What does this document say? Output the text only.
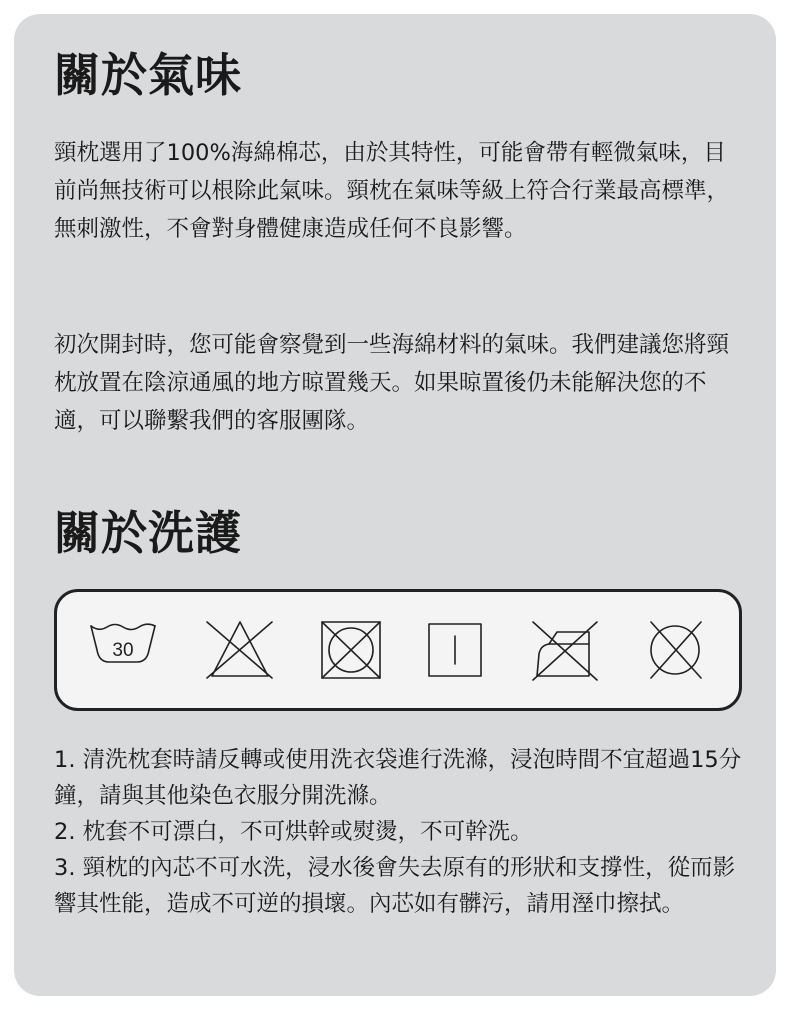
關於氣味

頸枕選用了100%海綿棉芯，由於其特性，可能會帶有輕微氣味，目前尚無技術可以根除此氣味。頸枕在氣味等級上符合行業最高標準，無刺激性，不會對身體健康造成任何不良影響。

初次開封時，您可能會察覺到一些海綿材料的氣味。我們建議您將頸枕放置在陰涼通風的地方晾置幾天。如果晾置後仍未能解決您的不適，可以聯繫我們的客服團隊。

關於洗護
30
1. 清洗枕套時請反轉或使用洗衣袋進行洗滌，浸泡時間不宜超過15分鐘，請與其他染色衣服分開洗滌。
2. 枕套不可漂白，不可烘幹或熨燙，不可幹洗。
3. 頸枕的內芯不可水洗，浸水後會失去原有的形狀和支撐性，從而影響其性能，造成不可逆的損壞。內芯如有髒污，請用溼巾擦拭。
